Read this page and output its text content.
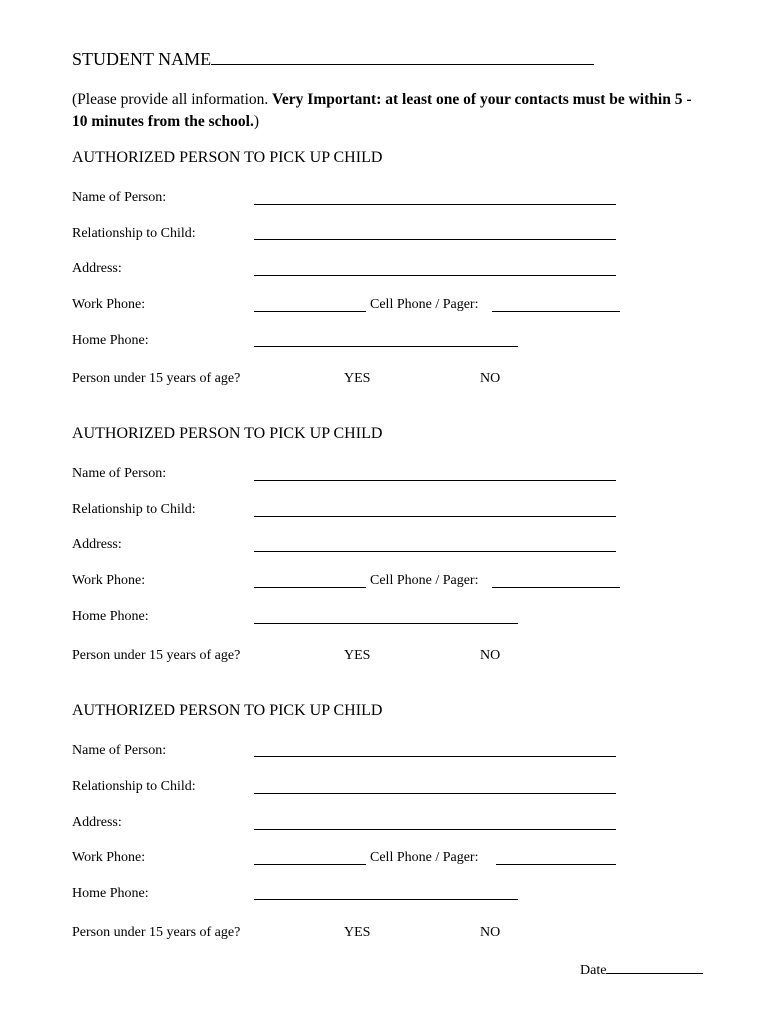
STUDENT NAME
(Please provide all information. Very Important: at least one of your contacts must be within 5 - 10 minutes from the school.)
AUTHORIZED PERSON TO PICK UP CHILD
Name of Person:
Relationship to Child:
Address:
Work Phone:	Cell Phone / Pager:
Home Phone:
Person under 15 years of age?	YES	NO
AUTHORIZED PERSON TO PICK UP CHILD
Name of Person:
Relationship to Child:
Address:
Work Phone:	Cell Phone / Pager:
Home Phone:
Person under 15 years of age?	YES	NO
AUTHORIZED PERSON TO PICK UP CHILD
Name of Person:
Relationship to Child:
Address:
Work Phone:	Cell Phone / Pager:
Home Phone:
Person under 15 years of age?	YES	NO
Date
